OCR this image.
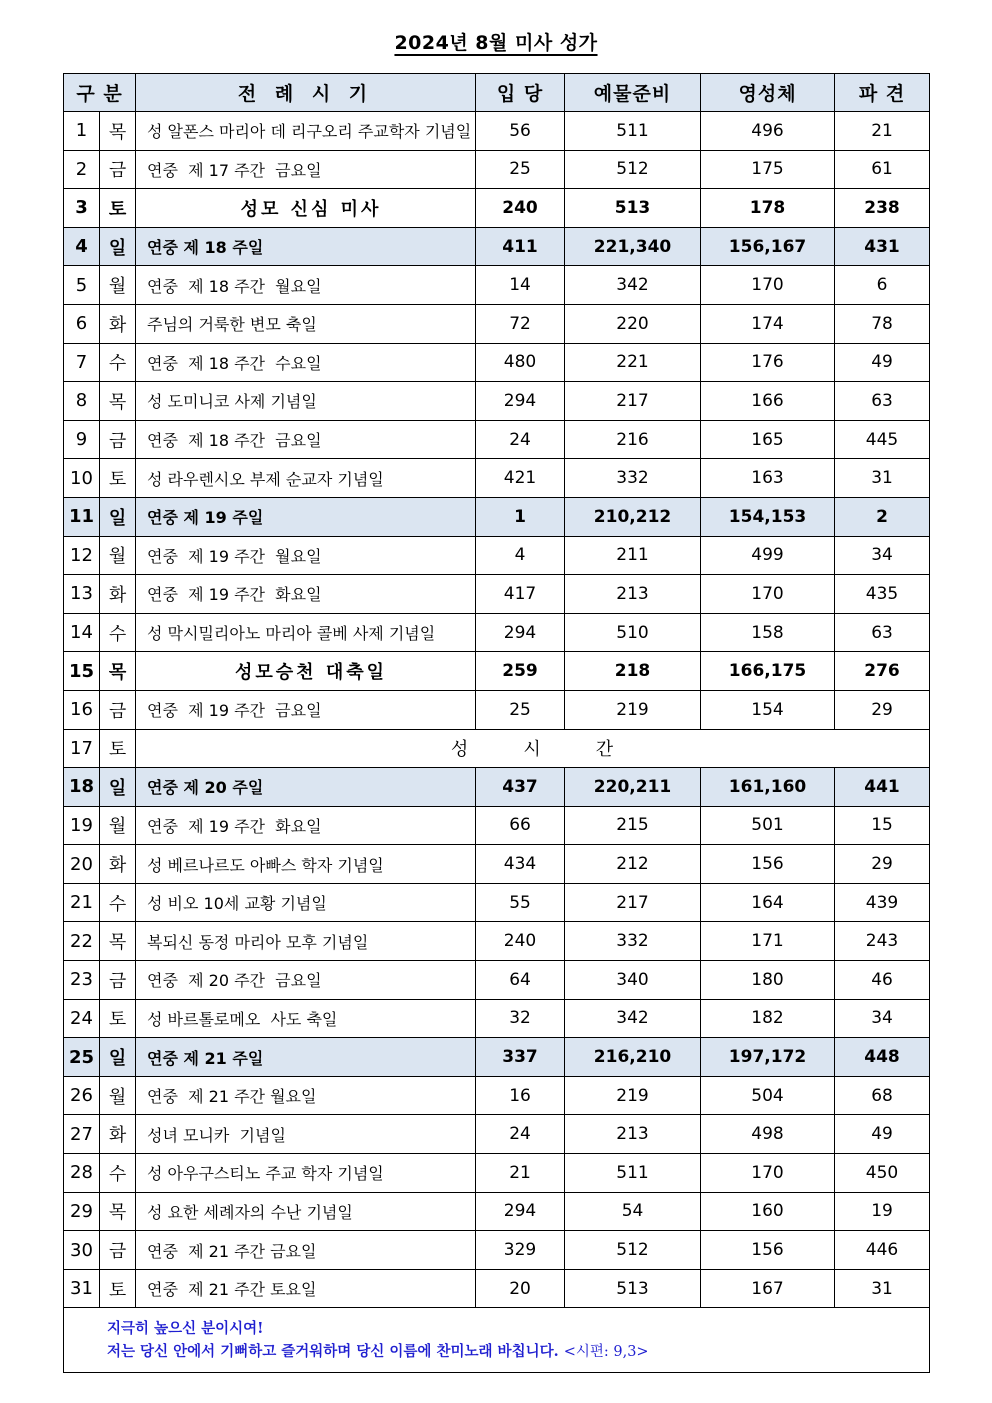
2024년 8월 미사 성가
구 분		전 례 시 기	입 당	예물준비	영성체	파 견
1	목	성 알폰스 마리아 데 리구오리 주교학자 기념일	56	511	496	21
2	금	연중  제 17 주간  금요일	25	512	175	61
3	토	성모 신심 미사	240	513	178	238
4	일	연중 제 18 주일	411	221,340	156,167	431
5	월	연중  제 18 주간  월요일	14	342	170	6
6	화	주님의 거룩한 변모 축일	72	220	174	78
7	수	연중  제 18 주간  수요일	480	221	176	49
8	목	성 도미니코 사제 기념일	294	217	166	63
9	금	연중  제 18 주간  금요일	24	216	165	445
10	토	성 라우렌시오 부제 순교자 기념일	421	332	163	31
11	일	연중 제 19 주일	1	210,212	154,153	2
12	월	연중  제 19 주간  월요일	4	211	499	34
13	화	연중  제 19 주간  화요일	417	213	170	435
14	수	성 막시밀리아노 마리아 콜베 사제 기념일	294	510	158	63
15	목	성모승천 대축일	259	218	166,175	276
16	금	연중  제 19 주간  금요일	25	219	154	29
17	토	성 시 간				
18	일	연중 제 20 주일	437	220,211	161,160	441
19	월	연중  제 19 주간  화요일	66	215	501	15
20	화	성 베르나르도 아빠스 학자 기념일	434	212	156	29
21	수	성 비오 10세 교황 기념일	55	217	164	439
22	목	복되신 동정 마리아 모후 기념일	240	332	171	243
23	금	연중  제 20 주간  금요일	64	340	180	46
24	토	성 바르톨로메오  사도 축일	32	342	182	34
25	일	연중 제 21 주일	337	216,210	197,172	448
26	월	연중  제 21 주간 월요일	16	219	504	68
27	화	성녀 모니카  기념일	24	213	498	49
28	수	성 아우구스티노 주교 학자 기념일	21	511	170	450
29	목	성 요한 세례자의 수난 기념일	294	54	160	19
30	금	연중  제 21 주간 금요일	329	512	156	446
31	토	연중  제 21 주간 토요일	20	513	167	31

지극히 높으신 분이시여!
저는 당신 안에서 기뻐하고 즐거워하며 당신 이름에 찬미노래 바칩니다. <시편: 9,3>						
